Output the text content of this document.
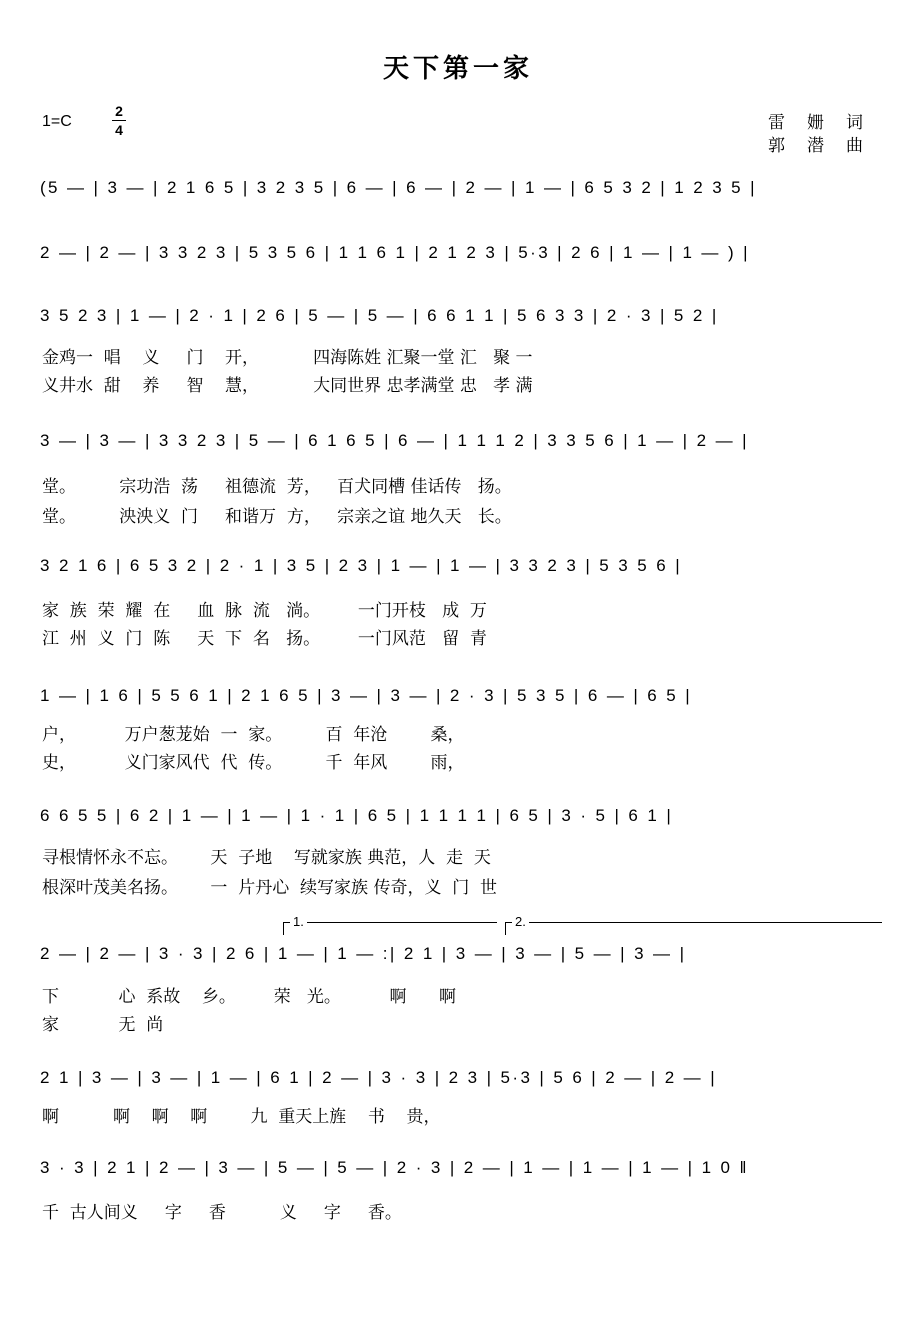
天下第一家
1=C
2
4	雷姗词
郭潜曲
(5 — | 3 — | 2 1 6 5 | 3 2 3 5 | 6 — | 6 — | 2 — | 1 — | 6 5 3 2 | 1 2 3 5 |
2 — | 2 — | 3 3 2 3 | 5 3 5 6 | 1 1 6 1 | 2 1 2 3 | 5·3 | 2 6 | 1 — | 1 — ) |
3 5 2 3 | 1 — | 2 · 1 | 2 6 | 5 — | 5 — | 6 6 1 1 | 5 6 3 3 | 2 · 3 | 5 2 |
金鸡一  唱    义     门    开，          四海陈姓 汇聚一堂 汇   聚 一
义井水  甜    养     智    慧，          大同世界 忠孝满堂 忠   孝 满
3 — | 3 — | 3 3 2 3 | 5 — | 6 1 6 5 | 6 — | 1 1 1 2 | 3 3 5 6 | 1 — | 2 — |
堂。        宗功浩  荡     祖德流  芳，   百犬同槽 佳话传   扬。
堂。        泱泱义  门     和谐万  方，   宗亲之谊 地久天   长。
3 2 1 6 | 6 5 3 2 | 2 · 1 | 3 5 | 2 3 | 1 — | 1 — | 3 3 2 3 | 5 3 5 6 |
家  族  荣  耀  在     血  脉  流   淌。       一门开枝   成  万
江  州  义  门  陈     天  下  名   扬。       一门风范   留  青
1 — | 1 6 | 5 5 6 1 | 2 1 6 5 | 3 — | 3 — | 2 · 3 | 5 3 5 | 6 — | 6 5 |
户，         万户葱茏始  一  家。        百  年沧        桑，
史，         义门家风代  代  传。        千  年风        雨，
6 6 5 5 | 6 2 | 1 — | 1 — | 1 · 1 | 6 5 | 1 1 1 1 | 6 5 | 3 · 5 | 6 1 |
寻根情怀永不忘。      天  子地    写就家族 典范，人  走  天
根深叶茂美名扬。      一  片丹心  续写家族 传奇，义  门  世
1.	2.
2 — | 2 — | 3 · 3 | 2 6 | 1 — | 1 — :| 2 1 | 3 — | 3 — | 5 — | 3 — |
下           心  系故    乡。       荣   光。         啊      啊
家           无  尚
2 1 | 3 — | 3 — | 1 — | 6 1 | 2 — | 3 · 3 | 2 3 | 5·3 | 5 6 | 2 — | 2 — |
啊          啊    啊    啊        九  重天上旌    书    贵，
3 · 3 | 2 1 | 2 — | 3 — | 5 — | 5 — | 2 · 3 | 2 — | 1 — | 1 — | 1 — | 1 0 ‖
千  古人间义     字     香          义     字     香。
